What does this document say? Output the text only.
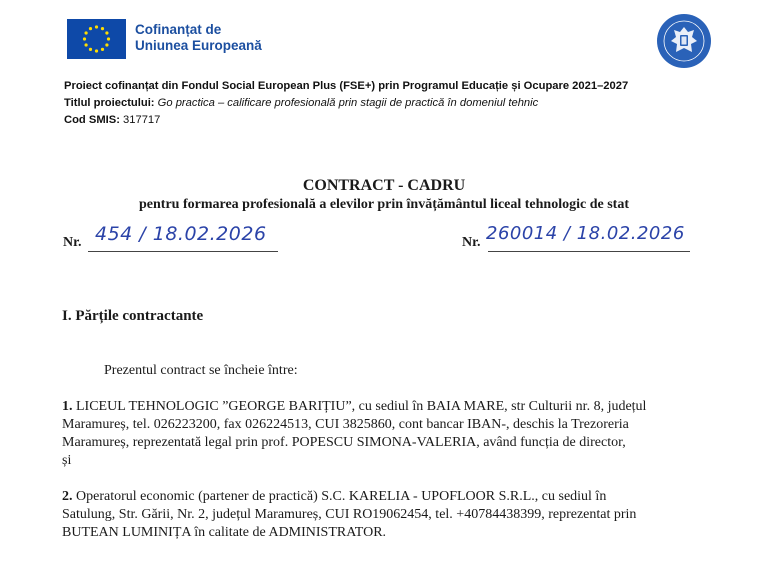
Cofinanțat de
Uniunea Europeană
Proiect cofinanțat din Fondul Social European Plus (FSE+) prin Programul Educație și Ocupare 2021–2027
Titlul proiectului: Go practica – calificare profesională prin stagii de practică în domeniul tehnic
Cod SMIS: 317717
CONTRACT - CADRU
pentru formarea profesională a elevilor prin învățământul liceal tehnologic de stat
Nr. 454 / 18.02.2026	Nr. 260014 / 18.02.2026
I. Părțile contractante
Prezentul contract se încheie între:
1. LICEUL TEHNOLOGIC ”GEORGE BARIȚIU”, cu sediul în BAIA MARE, str Culturii nr. 8, județul
Maramureș, tel. 026223200, fax 026224513, CUI 3825860, cont bancar IBAN-, deschis la Trezoreria
Maramureș, reprezentată legal prin prof. POPESCU SIMONA-VALERIA, având funcția de director,
și
2. Operatorul economic (partener de practică) S.C. KARELIA - UPOFLOOR S.R.L., cu sediul în
Satulung, Str. Gării, Nr. 2, județul Maramureș, CUI RO19062454, tel. +40784438399, reprezentat prin
BUTEAN LUMINIȚA în calitate de ADMINISTRATOR.
